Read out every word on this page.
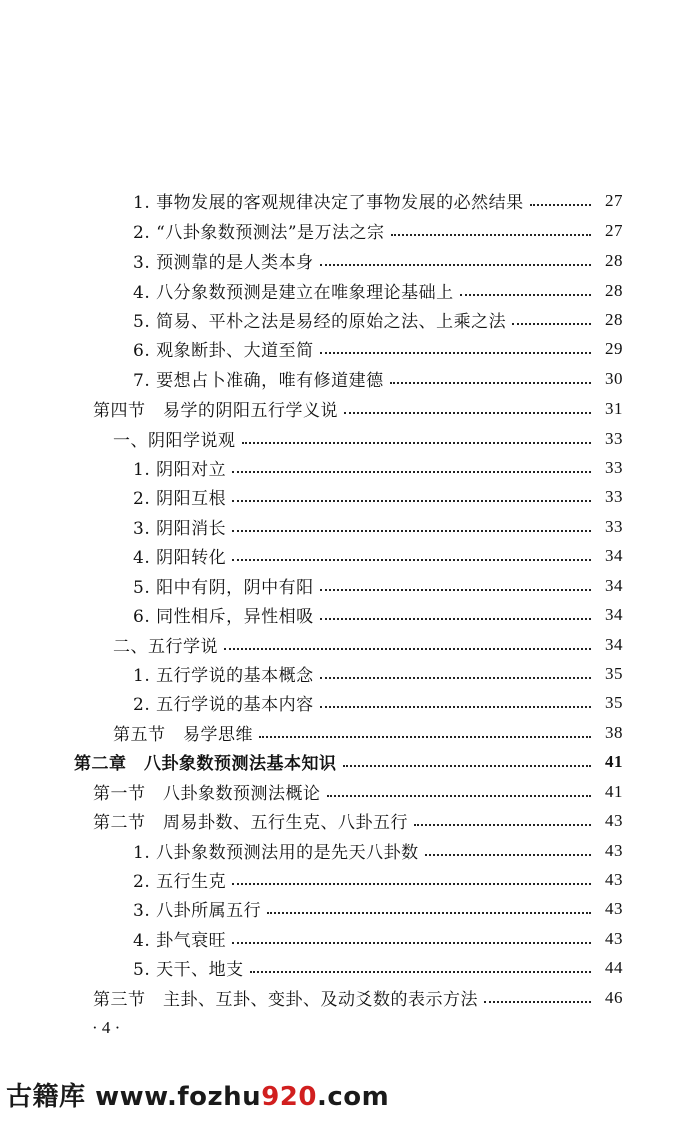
1. 事物发展的客观规律决定了事物发展的必然结果	27
2. “八卦象数预测法”是万法之宗	27
3. 预测靠的是人类本身	28
4. 八分象数预测是建立在唯象理论基础上	28
5. 简易、平朴之法是易经的原始之法、上乘之法	28
6. 观象断卦、大道至简	29
7. 要想占卜准确，唯有修道建德	30
第四节　易学的阴阳五行学义说	31
一、阴阳学说观	33
1. 阴阳对立	33
2. 阴阳互根	33
3. 阴阳消长	33
4. 阴阳转化	34
5. 阳中有阴，阴中有阳	34
6. 同性相斥，异性相吸	34
二、五行学说	34
1. 五行学说的基本概念	35
2. 五行学说的基本内容	35
第五节　易学思维	38
第二章　八卦象数预测法基本知识	41
第一节　八卦象数预测法概论	41
第二节　周易卦数、五行生克、八卦五行	43
1. 八卦象数预测法用的是先天八卦数	43
2. 五行生克	43
3. 八卦所属五行	43
4. 卦气衰旺	43
5. 天干、地支	44
第三节　主卦、互卦、变卦、及动爻数的表示方法	46
· 4 ·
古籍库 www.fozhu920.com
